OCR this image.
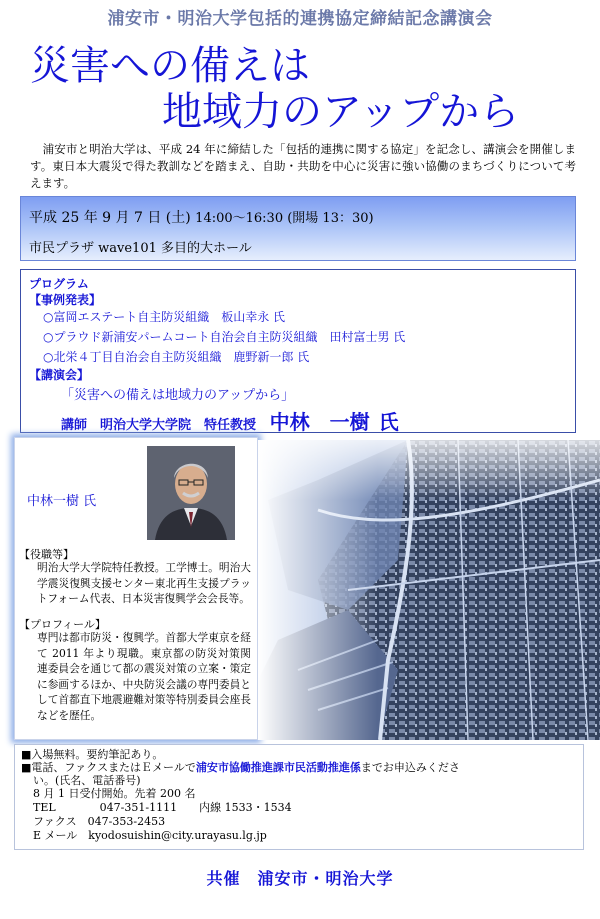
浦安市・明治大学包括的連携協定締結記念講演会
災害への備えは
地域力のアップから
浦安市と明治大学は、平成 24 年に締結した「包括的連携に関する協定」を記念し、講演会を開催します。東日本大震災で得た教訓などを踏まえ、自助・共助を中心に災害に強い協働のまちづくりについて考えます。
平成 25 年 9 月 7 日 (土) 14:00～16:30 (開場 13：30)
市民プラザ wave101 多目的大ホール
プログラム
【事例発表】
○富岡エステート自主防災組織　板山幸永 氏
○プラウド新浦安パームコート自治会自主防災組織　田村富士男 氏
○北栄４丁目自治会自主防災組織　鹿野新一郎 氏
【講演会】
「災害への備えは地域力のアップから」
講師　明治大学大学院　特任教授 中林　一樹 氏
中林一樹 氏
【役職等】
明治大学大学院特任教授。工学博士。明治大学震災復興支援センター東北再生支援プラットフォーム代表、日本災害復興学会会長等。
【プロフィール】
専門は都市防災・復興学。首都大学東京を経て 2011 年より現職。東京都の防災対策関連委員会を通じて都の震災対策の立案・策定に参画するほか、中央防災会議の専門委員として首都直下地震避難対策等特別委員会座長などを歴任。
■入場無料。要約筆記あり。
■電話、ファクスまたはＥメールで浦安市協働推進課市民活動推進係までお申込みくださ
い。(氏名、電話番号)
8 月 1 日受付開始。先着 200 名
TEL　　　　047-351-1111　　内線 1533・1534
ファクス　047-353-2453
E メール　kyodosuishin@city.urayasu.lg.jp
共催　浦安市・明治大学
